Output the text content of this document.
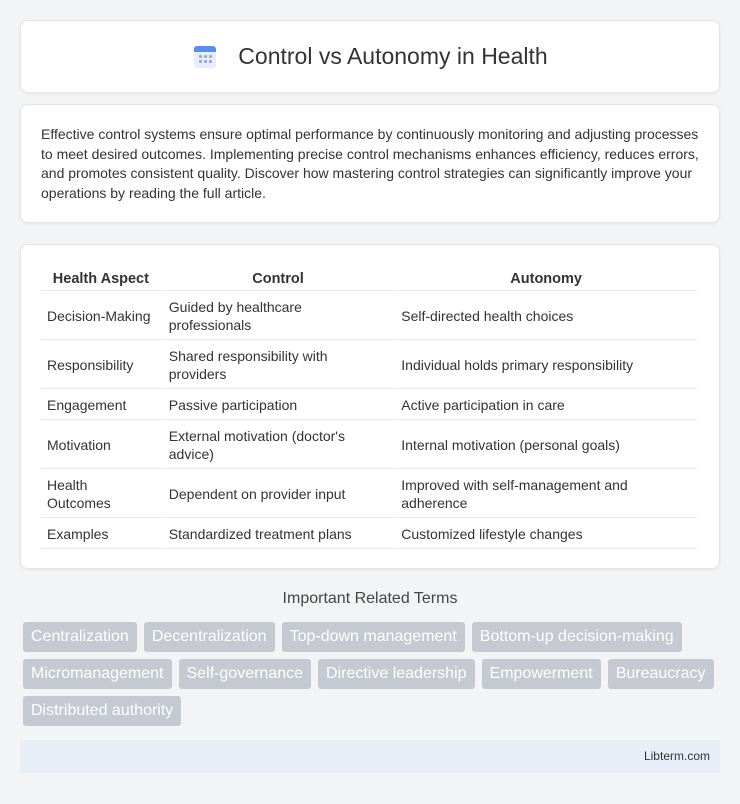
Control vs Autonomy in Health

Effective control systems ensure optimal performance by continuously monitoring and adjusting processes to meet desired outcomes. Implementing precise control mechanisms enhances efficiency, reduces errors, and promotes consistent quality. Discover how mastering control strategies can significantly improve your operations by reading the full article.

Health Aspect	Control	Autonomy
Decision-Making	Guided by healthcare professionals	Self-directed health choices
Responsibility	Shared responsibility with providers	Individual holds primary responsibility
Engagement	Passive participation	Active participation in care
Motivation	External motivation (doctor's advice)	Internal motivation (personal goals)
Health Outcomes	Dependent on provider input	Improved with self-management and adherence
Examples	Standardized treatment plans	Customized lifestyle changes
Important Related Terms
Centralization	Decentralization	Top-down management	Bottom-up decision-making
Micromanagement	Self-governance	Directive leadership	Empowerment	Bureaucracy
Distributed authority
Libterm.com
